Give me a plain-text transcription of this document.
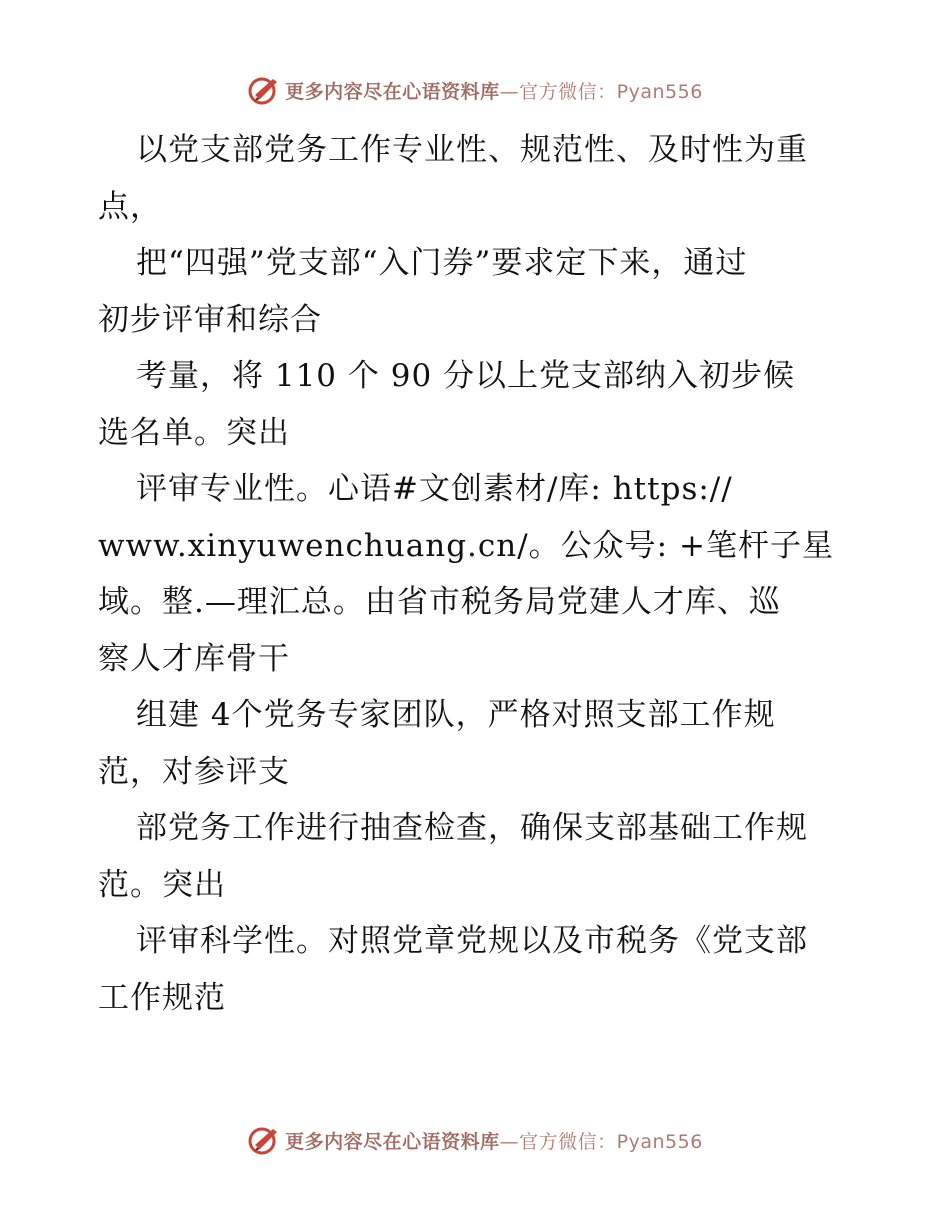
更多内容尽在心语资料库—官方微信：Pyan556
以党支部党务工作专业性、规范性、及时性为重
点，
把“四强”党支部“入门券”要求定下来，通过
初步评审和综合
考量，将 110 个 90 分以上党支部纳入初步候
选名单。突出
评审专业性。心语#文创素材/库: https://
www.xinyuwenchuang.cn/。公众号: +笔杆子星
域。整.—理汇总。由省市税务局党建人才库、巡
察人才库骨干
组建 4个党务专家团队，严格对照支部工作规
范，对参评支
部党务工作进行抽查检查，确保支部基础工作规
范。突出
评审科学性。对照党章党规以及市税务《党支部
工作规范
更多内容尽在心语资料库—官方微信：Pyan556
